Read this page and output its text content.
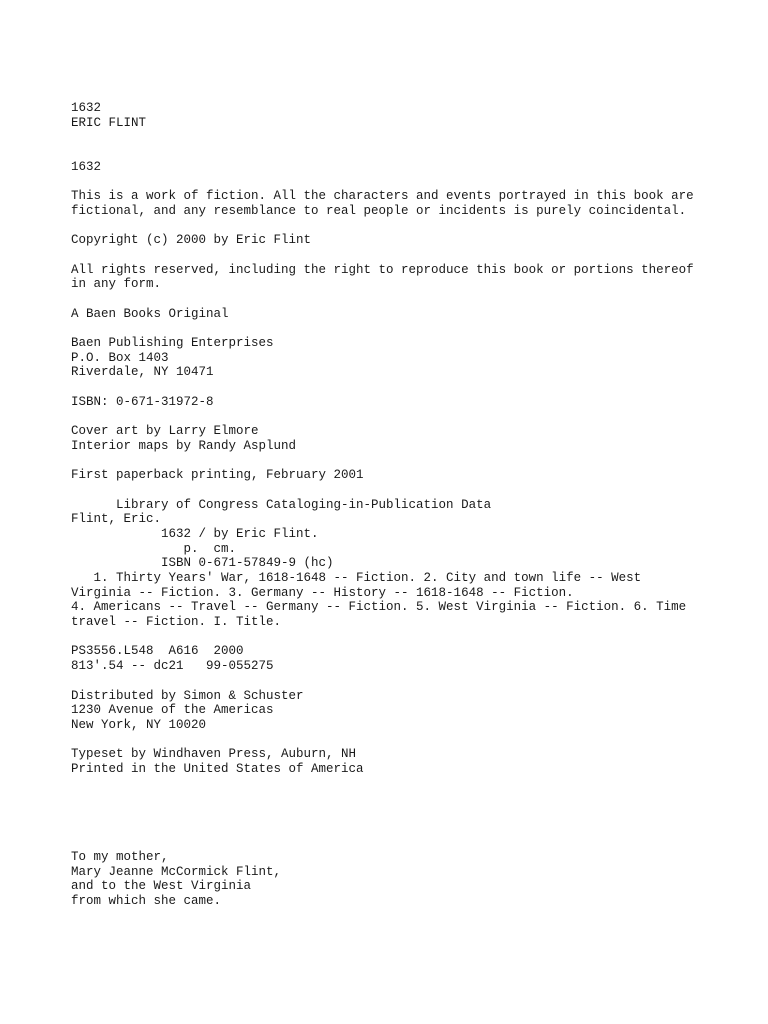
1632
ERIC FLINT
1632
This is a work of fiction. All the characters and events portrayed in this book are
fictional, and any resemblance to real people or incidents is purely coincidental.
Copyright (c) 2000 by Eric Flint
All rights reserved, including the right to reproduce this book or portions thereof
in any form.
A Baen Books Original
Baen Publishing Enterprises
P.O. Box 1403
Riverdale, NY 10471
ISBN: 0-671-31972-8
Cover art by Larry Elmore
Interior maps by Randy Asplund
First paperback printing, February 2001
Library of Congress Cataloging-in-Publication Data
Flint, Eric.
1632 / by Eric Flint.
p.  cm.
ISBN 0-671-57849-9 (hc)
1. Thirty Years' War, 1618-1648 -- Fiction. 2. City and town life -- West
Virginia -- Fiction. 3. Germany -- History -- 1618-1648 -- Fiction.
4. Americans -- Travel -- Germany -- Fiction. 5. West Virginia -- Fiction. 6. Time
travel -- Fiction. I. Title.
PS3556.L548  A616  2000
813'.54 -- dc21   99-055275
Distributed by Simon & Schuster
1230 Avenue of the Americas
New York, NY 10020
Typeset by Windhaven Press, Auburn, NH
Printed in the United States of America
To my mother,
Mary Jeanne McCormick Flint,
and to the West Virginia
from which she came.
